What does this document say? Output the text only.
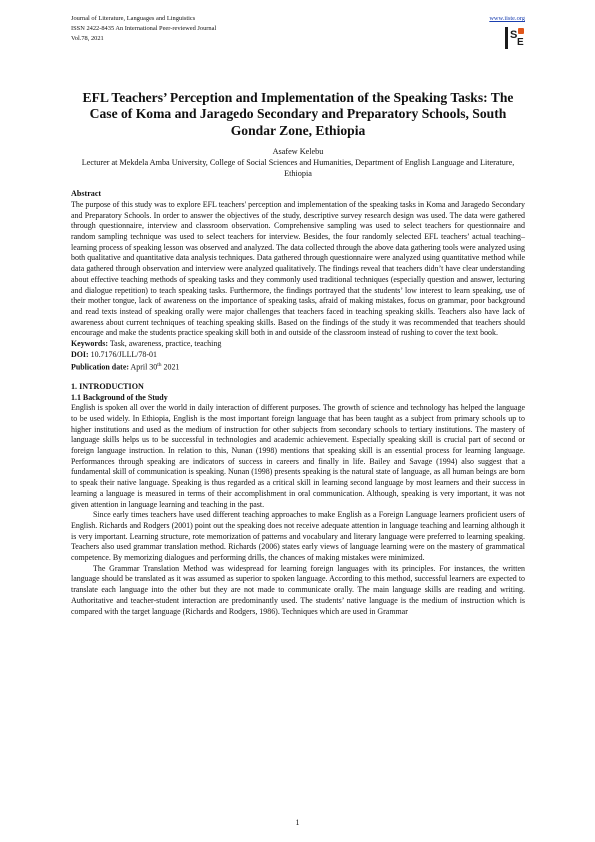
Journal of Literature, Languages and Linguistics
ISSN 2422-8435 An International Peer-reviewed Journal
Vol.78, 2021
www.iiste.org
S
E
EFL Teachers’ Perception and Implementation of the Speaking Tasks: The Case of Koma and Jaragedo Secondary and Preparatory Schools, South Gondar Zone, Ethiopia
Asafew Kelebu
Lecturer at Mekdela Amba University, College of Social Sciences and Humanities, Department of English Language and Literature, Ethiopia
Abstract

The purpose of this study was to explore EFL teachers' perception and implementation of the speaking tasks in Koma and Jaragedo Secondary and Preparatory Schools. In order to answer the objectives of the study, descriptive survey research design was used. The data were gathered through questionnaire, interview and classroom observation. Comprehensive sampling was used to select teachers for questionnaire and random sampling technique was used to select teachers for interview. Besides, the four randomly selected EFL teachers’ actual teaching–learning process of speaking lesson was observed and analyzed. The data collected through the above data gathering tools were analyzed using both qualitative and quantitative data analysis techniques. Data gathered through questionnaire were analyzed using quantitative method while data gathered through observation and interview were analyzed qualitatively. The findings reveal that teachers didn’t have clear understanding about effective teaching methods of speaking tasks and they commonly used traditional techniques (especially question and answer, lecturing and dialogue repetition) to teach speaking tasks. Furthermore, the findings portrayed that the students’ low interest to learn speaking, use of their mother tongue, lack of awareness on the importance of speaking tasks, afraid of making mistakes, focus on grammar, poor background and read texts instead of speaking orally were major challenges that teachers faced in teaching speaking skills. Teachers also have lack of awareness about current techniques of teaching speaking skills. Based on the findings of the study it was recommended that teachers should encourage and make the students practice speaking skill both in and outside of the classroom instead of rushing to cover the text book.

Keywords: Task, awareness, practice, teaching
DOI: 10.7176/JLLL/78-01
Publication date: April 30th 2021
1. INTRODUCTION
1.1 Background of the Study

English is spoken all over the world in daily interaction of different purposes. The growth of science and technology has helped the language to be used widely. In Ethiopia, English is the most important foreign language that has been taught as a subject from primary schools up to higher institutions and used as the medium of instruction for other subjects from secondary schools to tertiary institutions. The mastery of language skills helps us to be successful in technologies and academic achievement. Especially speaking skill is crucial part of second or foreign language instruction. In relation to this, Nunan (1998) mentions that speaking skill is an essential process for learning language. Performances through speaking are indicators of success in careers and finally in life. Bailey and Savage (1994) also suggest that a fundamental skill of communication is speaking. Nunan (1998) presents speaking is the natural state of language, as all human beings are born to speak their native language. Speaking is thus regarded as a critical skill in learning second language by most learners and their success in learning a language is measured in terms of their accomplishment in oral communication. Although, speaking is very important, it was not given attention in language learning and teaching in the past.

Since early times teachers have used different teaching approaches to make English as a Foreign Language learners proficient users of English. Richards and Rodgers (2001) point out the speaking does not receive adequate attention in language teaching and learning although it is very important. Learning structure, rote memorization of patterns and vocabulary and literary language were preferred to learning speaking. Teachers also used grammar translation method. Richards (2006) states early views of language learning were on the mastery of grammatical competence. By memorizing dialogues and performing drills, the chances of making mistakes were minimized.

The Grammar Translation Method was widespread for learning foreign languages with its principles. For instances, the written language should be translated as it was assumed as superior to spoken language. According to this method, successful learners are expected to translate each language into the other but they are not made to communicate orally. The main language skills are reading and writing. Authoritative and teacher-student interaction are predominantly used. The students’ native language is the medium of instruction which is compared with the target language (Richards and Rodgers, 1986). Techniques which are used in Grammar

1
